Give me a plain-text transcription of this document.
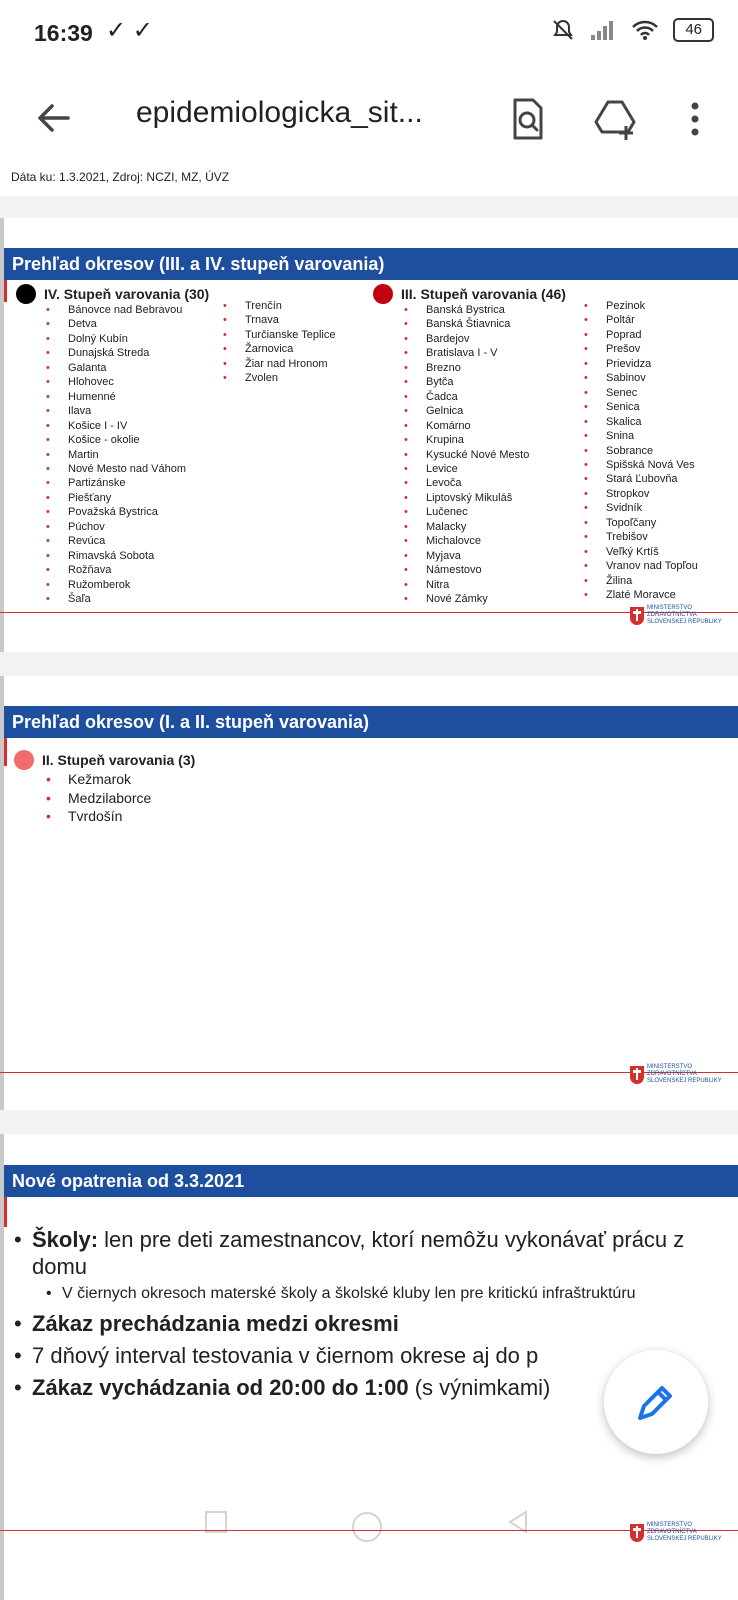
16:39 ✓ ✓	46
epidemiologicka_sit...
Dáta ku: 1.3.2021, Zdroj: NCZI, MZ, ÚVZ
Prehľad okresov (III. a IV. stupeň varovania)
IV. Stupeň varovania (30)
• Bánovce nad Bebravou
• Detva
• Dolný Kubín
• Dunajská Streda
• Galanta
• Hlohovec
• Humenné
• Ilava
• Košice I - IV
• Košice - okolie
• Martin
• Nové Mesto nad Váhom
• Partizánske
• Piešťany
• Považská Bystrica
• Púchov
• Revúca
• Rimavská Sobota
• Rožňava
• Ružomberok
• Šaľa
• Trenčín
• Trnava
• Turčianske Teplice
• Žarnovica
• Žiar nad Hronom
• Zvolen
III. Stupeň varovania (46)
• Banská Bystrica
• Banská Štiavnica
• Bardejov
• Bratislava I - V
• Brezno
• Bytča
• Čadca
• Gelnica
• Komárno
• Krupina
• Kysucké Nové Mesto
• Levice
• Levoča
• Liptovský Mikuláš
• Lučenec
• Malacky
• Michalovce
• Myjava
• Námestovo
• Nitra
• Nové Zámky
• Pezinok
• Poltár
• Poprad
• Prešov
• Prievidza
• Sabinov
• Senec
• Senica
• Skalica
• Snina
• Sobrance
• Spišská Nová Ves
• Stará Ľubovňa
• Stropkov
• Svidník
• Topoľčany
• Trebišov
• Veľký Krtíš
• Vranov nad Topľou
• Žilina
• Zlaté Moravce
MINISTERSTVO
ZDRAVOTNÍCTVA
SLOVENSKEJ REPUBLIKY
Prehľad okresov (I. a II. stupeň varovania)
II. Stupeň varovania (3)
• Kežmarok
• Medzilaborce
• Tvrdošín
MINISTERSTVO
ZDRAVOTNÍCTVA
SLOVENSKEJ REPUBLIKY
Nové opatrenia od 3.3.2021
• Školy: len pre deti zamestnancov, ktorí nemôžu vykonávať prácu z domu
• V čiernych okresoch materské školy a školské kluby len pre kritickú infraštruktúru
• Zákaz prechádzania medzi okresmi
• 7 dňový interval testovania v čiernom okrese aj do p
• Zákaz vychádzania od 20:00 do 1:00 (s výnimkami)
MINISTERSTVO
ZDRAVOTNÍCTVA
SLOVENSKEJ REPUBLIKY
